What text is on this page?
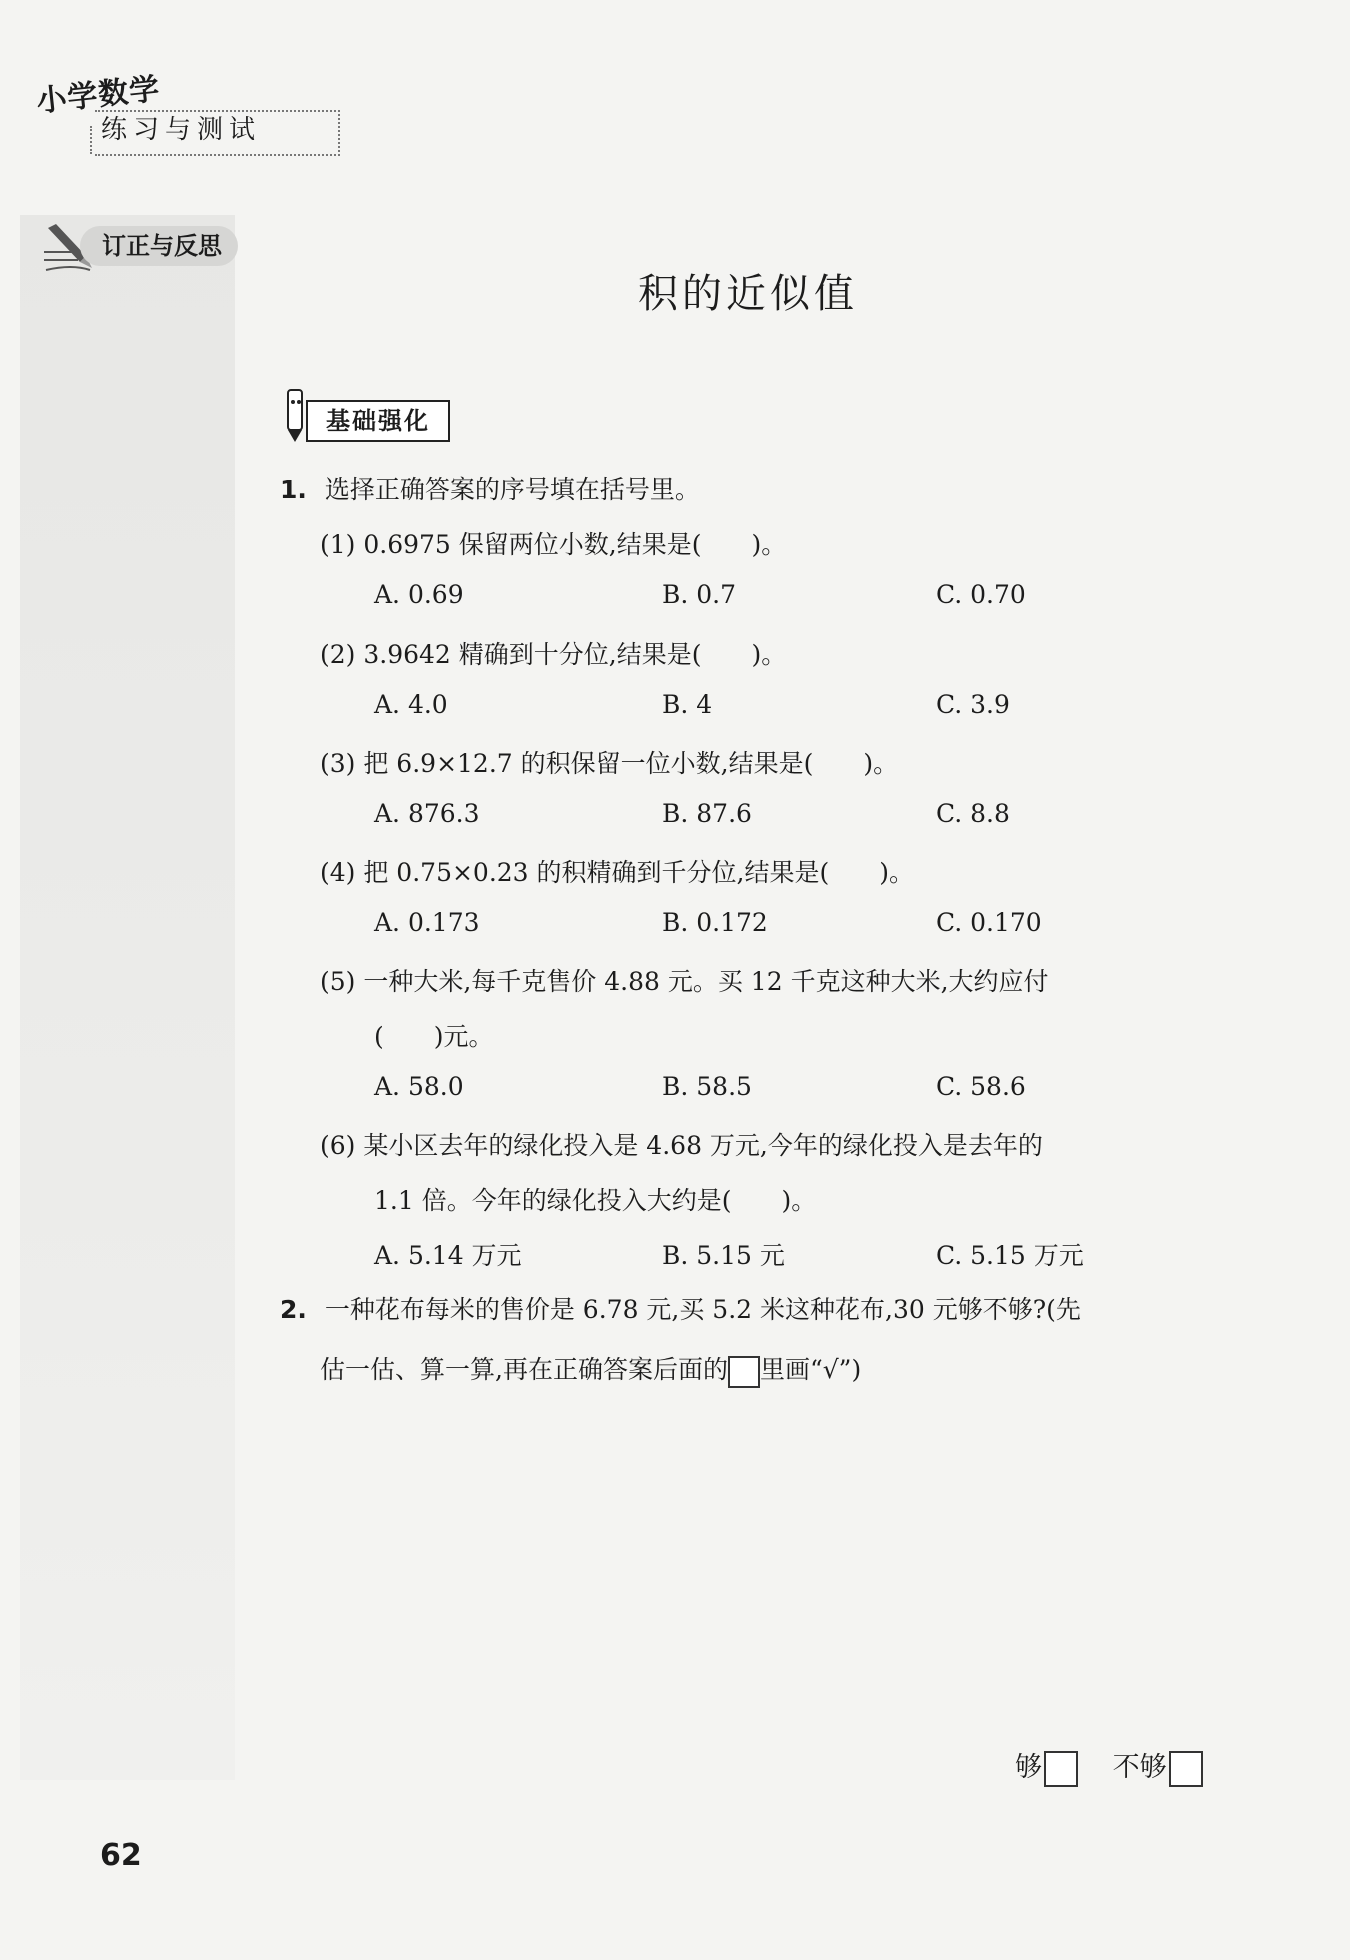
小学数学
练习与测试
订正与反思
积的近似值
基础强化
1. 选择正确答案的序号填在括号里。
(1) 0.6975 保留两位小数,结果是(　　)。
A. 0.69	B. 0.7	C. 0.70
(2) 3.9642 精确到十分位,结果是(　　)。
A. 4.0	B. 4	C. 3.9
(3) 把 6.9×12.7 的积保留一位小数,结果是(　　)。
A. 876.3	B. 87.6	C. 8.8
(4) 把 0.75×0.23 的积精确到千分位,结果是(　　)。
A. 0.173	B. 0.172	C. 0.170
(5) 一种大米,每千克售价 4.88 元。买 12 千克这种大米,大约应付
(　　)元。
A. 58.0	B. 58.5	C. 58.6
(6) 某小区去年的绿化投入是 4.68 万元,今年的绿化投入是去年的
1.1 倍。今年的绿化投入大约是(　　)。
A. 5.14 万元	B. 5.15 元	C. 5.15 万元
2. 一种花布每米的售价是 6.78 元,买 5.2 米这种花布,30 元够不够?(先
估一估、算一算,再在正确答案后面的 里画“√”)
够	不够
62
